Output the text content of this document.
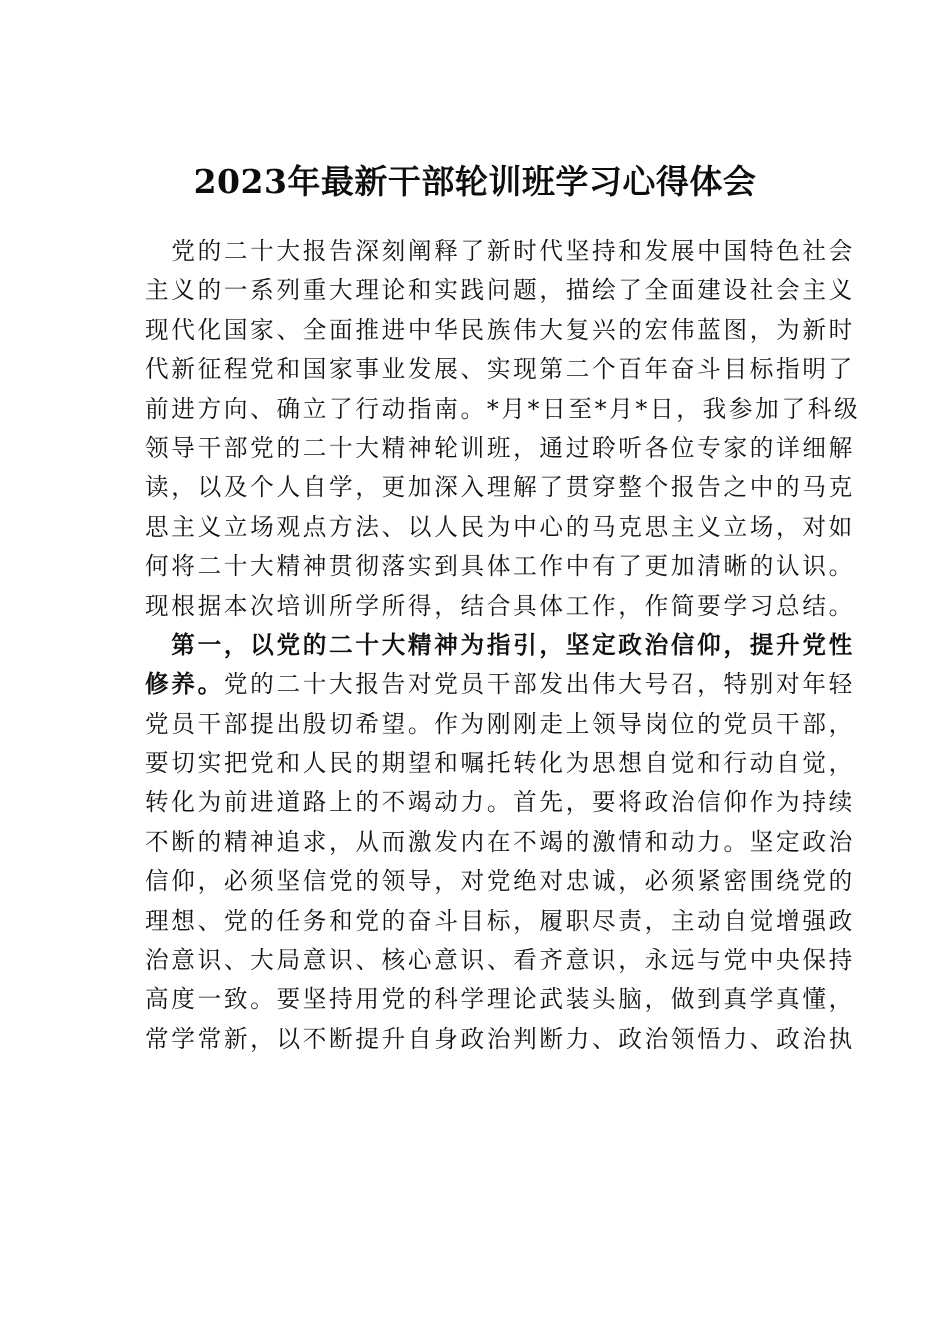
2023年最新干部轮训班学习心得体会

　党的二十大报告深刻阐释了新时代坚持和发展中国特色社会
主义的一系列重大理论和实践问题，描绘了全面建设社会主义
现代化国家、全面推进中华民族伟大复兴的宏伟蓝图，为新时
代新征程党和国家事业发展、实现第二个百年奋斗目标指明了
前进方向、确立了行动指南。*月*日至*月*日，我参加了科级
领导干部党的二十大精神轮训班，通过聆听各位专家的详细解
读，以及个人自学，更加深入理解了贯穿整个报告之中的马克
思主义立场观点方法、以人民为中心的马克思主义立场，对如
何将二十大精神贯彻落实到具体工作中有了更加清晰的认识。
现根据本次培训所学所得，结合具体工作，作简要学习总结。

　第一，以党的二十大精神为指引，坚定政治信仰，提升党性
修养。党的二十大报告对党员干部发出伟大号召，特别对年轻
党员干部提出殷切希望。作为刚刚走上领导岗位的党员干部，
要切实把党和人民的期望和嘱托转化为思想自觉和行动自觉，
转化为前进道路上的不竭动力。首先，要将政治信仰作为持续
不断的精神追求，从而激发内在不竭的激情和动力。坚定政治
信仰，必须坚信党的领导，对党绝对忠诚，必须紧密围绕党的
理想、党的任务和党的奋斗目标，履职尽责，主动自觉增强政
治意识、大局意识、核心意识、看齐意识，永远与党中央保持
高度一致。要坚持用党的科学理论武装头脑，做到真学真懂，
常学常新，以不断提升自身政治判断力、政治领悟力、政治执
